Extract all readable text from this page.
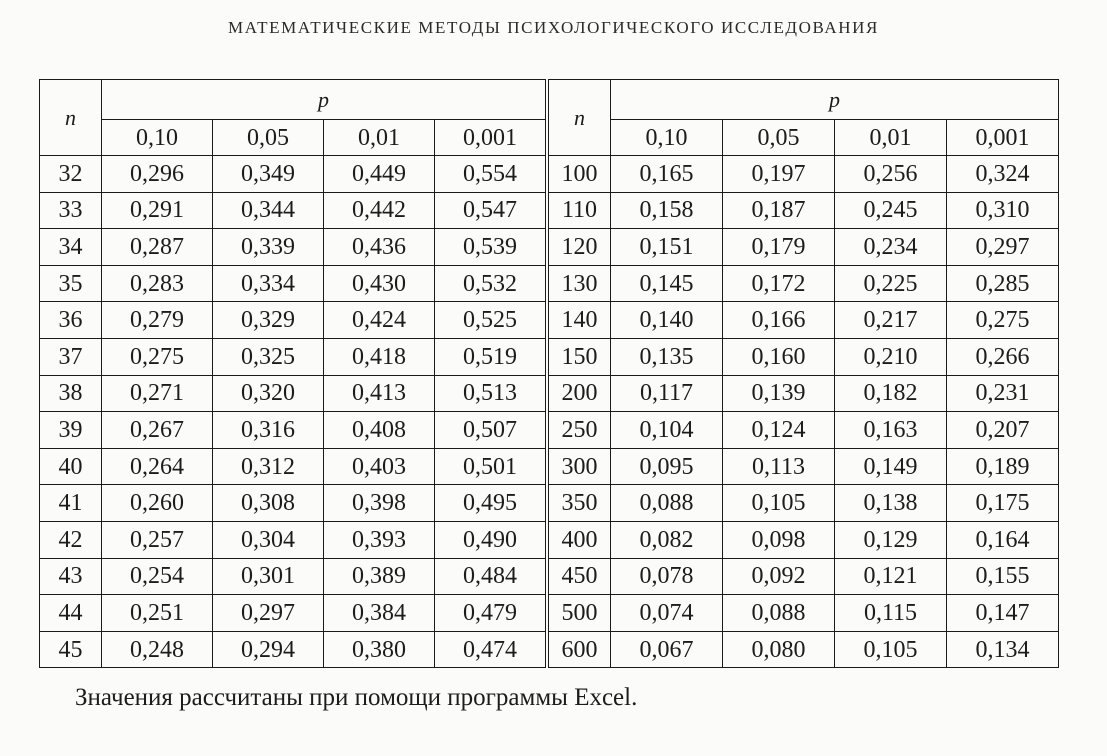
МАТЕМАТИЧЕСКИЕ МЕТОДЫ ПСИХОЛОГИЧЕСКОГО ИССЛЕДОВАНИЯ
n	p			
	0,10	0,05	0,01	0,001
32	0,296	0,349	0,449	0,554
33	0,291	0,344	0,442	0,547
34	0,287	0,339	0,436	0,539
35	0,283	0,334	0,430	0,532
36	0,279	0,329	0,424	0,525
37	0,275	0,325	0,418	0,519
38	0,271	0,320	0,413	0,513
39	0,267	0,316	0,408	0,507
40	0,264	0,312	0,403	0,501
41	0,260	0,308	0,398	0,495
42	0,257	0,304	0,393	0,490
43	0,254	0,301	0,389	0,484
44	0,251	0,297	0,384	0,479
45	0,248	0,294	0,380	0,474
n	p			
	0,10	0,05	0,01	0,001
100	0,165	0,197	0,256	0,324
110	0,158	0,187	0,245	0,310
120	0,151	0,179	0,234	0,297
130	0,145	0,172	0,225	0,285
140	0,140	0,166	0,217	0,275
150	0,135	0,160	0,210	0,266
200	0,117	0,139	0,182	0,231
250	0,104	0,124	0,163	0,207
300	0,095	0,113	0,149	0,189
350	0,088	0,105	0,138	0,175
400	0,082	0,098	0,129	0,164
450	0,078	0,092	0,121	0,155
500	0,074	0,088	0,115	0,147
600	0,067	0,080	0,105	0,134
Значения рассчитаны при помощи программы Excel.
